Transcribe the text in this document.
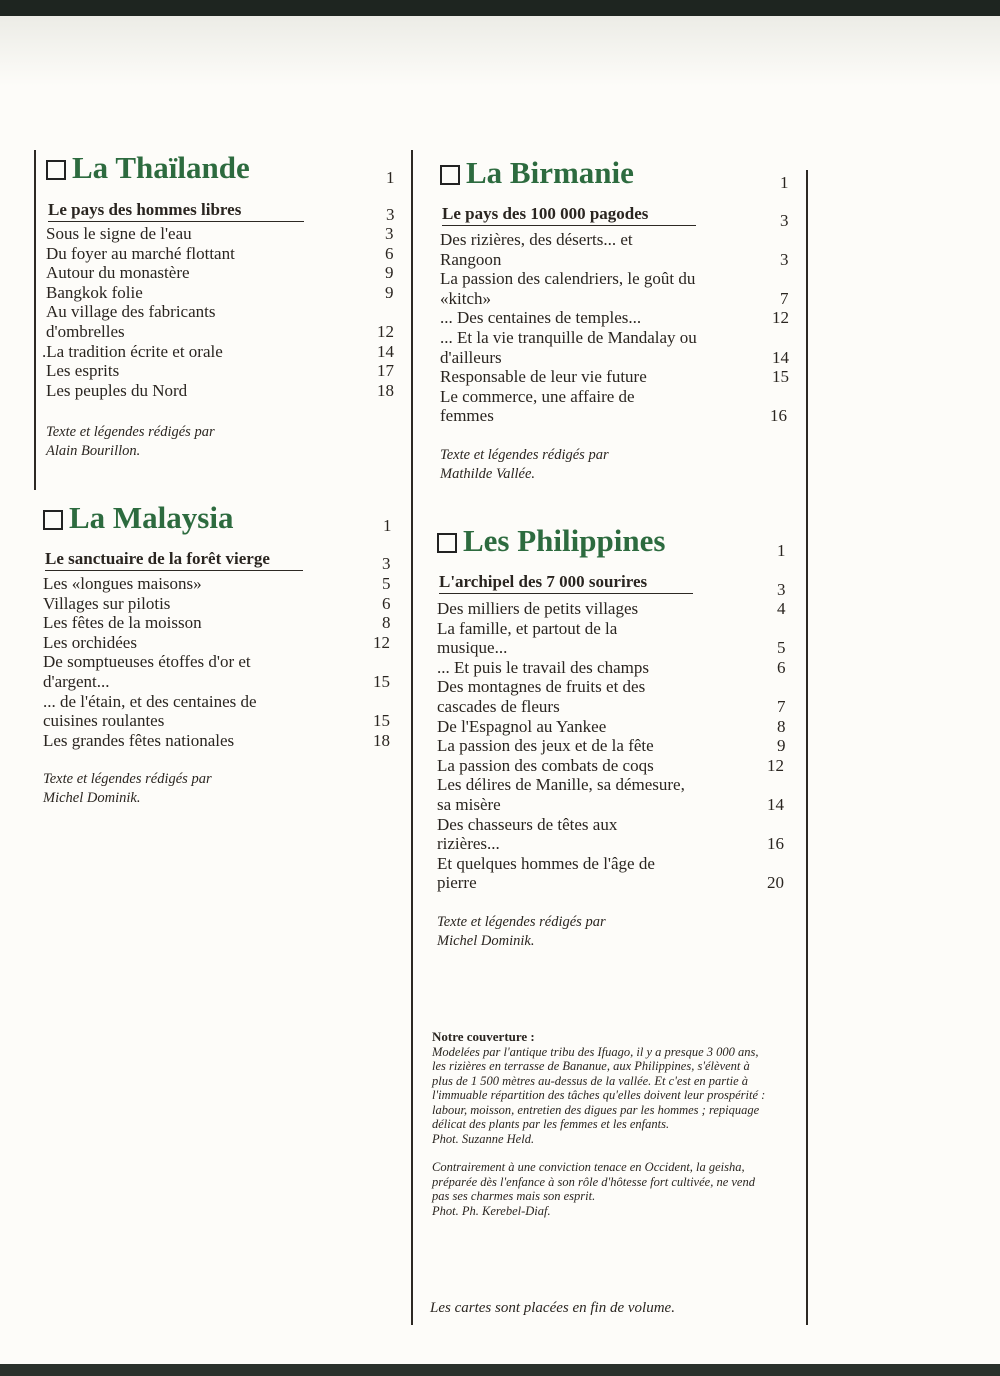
La Thaïlande	1
Le pays des hommes libres	3
Sous le signe de l'eau	3
Du foyer au marché flottant	6
Autour du monastère	9
Bangkok folie	9
Au village des fabricants d'ombrelles	12
.La tradition écrite et orale	14
Les esprits	17
Les peuples du Nord	18
Texte et légendes rédigés par
Alain Bourillon.
La Malaysia	1
Le sanctuaire de la forêt vierge	3
Les «longues maisons»	5
Villages sur pilotis	6
Les fêtes de la moisson	8
Les orchidées	12
De somptueuses étoffes d'or et d'argent...	15
... de l'étain, et des centaines de cuisines roulantes	15
Les grandes fêtes nationales	18
Texte et légendes rédigés par
Michel Dominik.
La Birmanie	1
Le pays des 100 000 pagodes	3
Des rizières, des déserts... et Rangoon	3
La passion des calendriers, le goût du «kitch»	7
... Des centaines de temples...	12
... Et la vie tranquille de Mandalay ou d'ailleurs	14
Responsable de leur vie future	15
Le commerce, une affaire de femmes	16
Texte et légendes rédigés par
Mathilde Vallée.
Les Philippines	1
L'archipel des 7 000 sourires	3
Des milliers de petits villages	4
La famille, et partout de la musique...	5
... Et puis le travail des champs	6
Des montagnes de fruits et des cascades de fleurs	7
De l'Espagnol au Yankee	8
La passion des jeux et de la fête	9
La passion des combats de coqs	12
Les délires de Manille, sa démesure, sa misère	14
Des chasseurs de têtes aux rizières...	16
Et quelques hommes de l'âge de pierre	20
Texte et légendes rédigés par
Michel Dominik.
Notre couverture :

Modelées par l'antique tribu des Ifuago, il y a presque 3 000 ans, les rizières en terrasse de Bananue, aux Philippines, s'élèvent à plus de 1 500 mètres au-dessus de la vallée. Et c'est en partie à l'immuable répartition des tâches qu'elles doivent leur prospérité : labour, moisson, entretien des digues par les hommes ; repiquage délicat des plants par les femmes et les enfants.

Phot. Suzanne Held.

Contrairement à une conviction tenace en Occident, la geisha, préparée dès l'enfance à son rôle d'hôtesse fort cultivée, ne vend pas ses charmes mais son esprit.

Phot. Ph. Kerebel-Diaf.

Les cartes sont placées en fin de volume.
